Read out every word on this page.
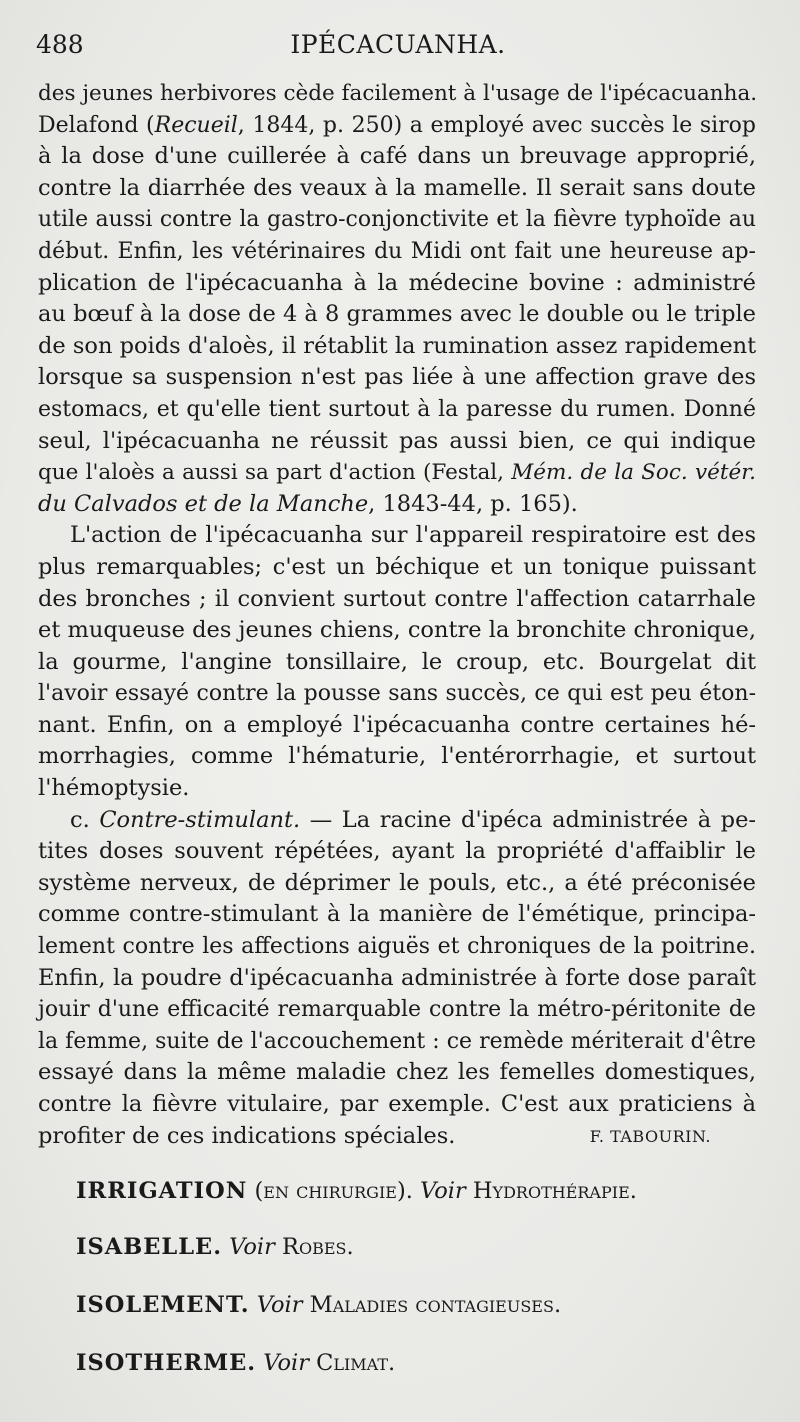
488	IPÉCACUANHA.
des jeunes herbivores cède facilement à l'usage de l'ipécacuanha.
Delafond (Recueil, 1844, p. 250) a employé avec succès le sirop
à la dose d'une cuillerée à café dans un breuvage approprié,
contre la diarrhée des veaux à la mamelle. Il serait sans doute
utile aussi contre la gastro-conjonctivite et la fièvre typhoïde au
début. Enfin, les vétérinaires du Midi ont fait une heureuse ap-
plication de l'ipécacuanha à la médecine bovine : administré
au bœuf à la dose de 4 à 8 grammes avec le double ou le triple
de son poids d'aloès, il rétablit la rumination assez rapidement
lorsque sa suspension n'est pas liée à une affection grave des
estomacs, et qu'elle tient surtout à la paresse du rumen. Donné
seul, l'ipécacuanha ne réussit pas aussi bien, ce qui indique
que l'aloès a aussi sa part d'action (Festal, Mém. de la Soc. vétér.
du Calvados et de la Manche, 1843-44, p. 165).
L'action de l'ipécacuanha sur l'appareil respiratoire est des
plus remarquables; c'est un béchique et un tonique puissant
des bronches ; il convient surtout contre l'affection catarrhale
et muqueuse des jeunes chiens, contre la bronchite chronique,
la gourme, l'angine tonsillaire, le croup, etc. Bourgelat dit
l'avoir essayé contre la pousse sans succès, ce qui est peu éton-
nant. Enfin, on a employé l'ipécacuanha contre certaines hé-
morrhagies, comme l'hématurie, l'entérorrhagie, et surtout
l'hémoptysie.
c. Contre-stimulant. — La racine d'ipéca administrée à pe-
tites doses souvent répétées, ayant la propriété d'affaiblir le
système nerveux, de déprimer le pouls, etc., a été préconisée
comme contre-stimulant à la manière de l'émétique, principa-
lement contre les affections aiguës et chroniques de la poitrine.
Enfin, la poudre d'ipécacuanha administrée à forte dose paraît
jouir d'une efficacité remarquable contre la métro-péritonite de
la femme, suite de l'accouchement : ce remède mériterait d'être
essayé dans la même maladie chez les femelles domestiques,
contre la fièvre vitulaire, par exemple. C'est aux praticiens à
profiter de ces indications spéciales.	F. TABOURIN.
IRRIGATION (en chirurgie). Voir Hydrothérapie.
ISABELLE. Voir Robes.
ISOLEMENT. Voir Maladies contagieuses.
ISOTHERME. Voir Climat.
